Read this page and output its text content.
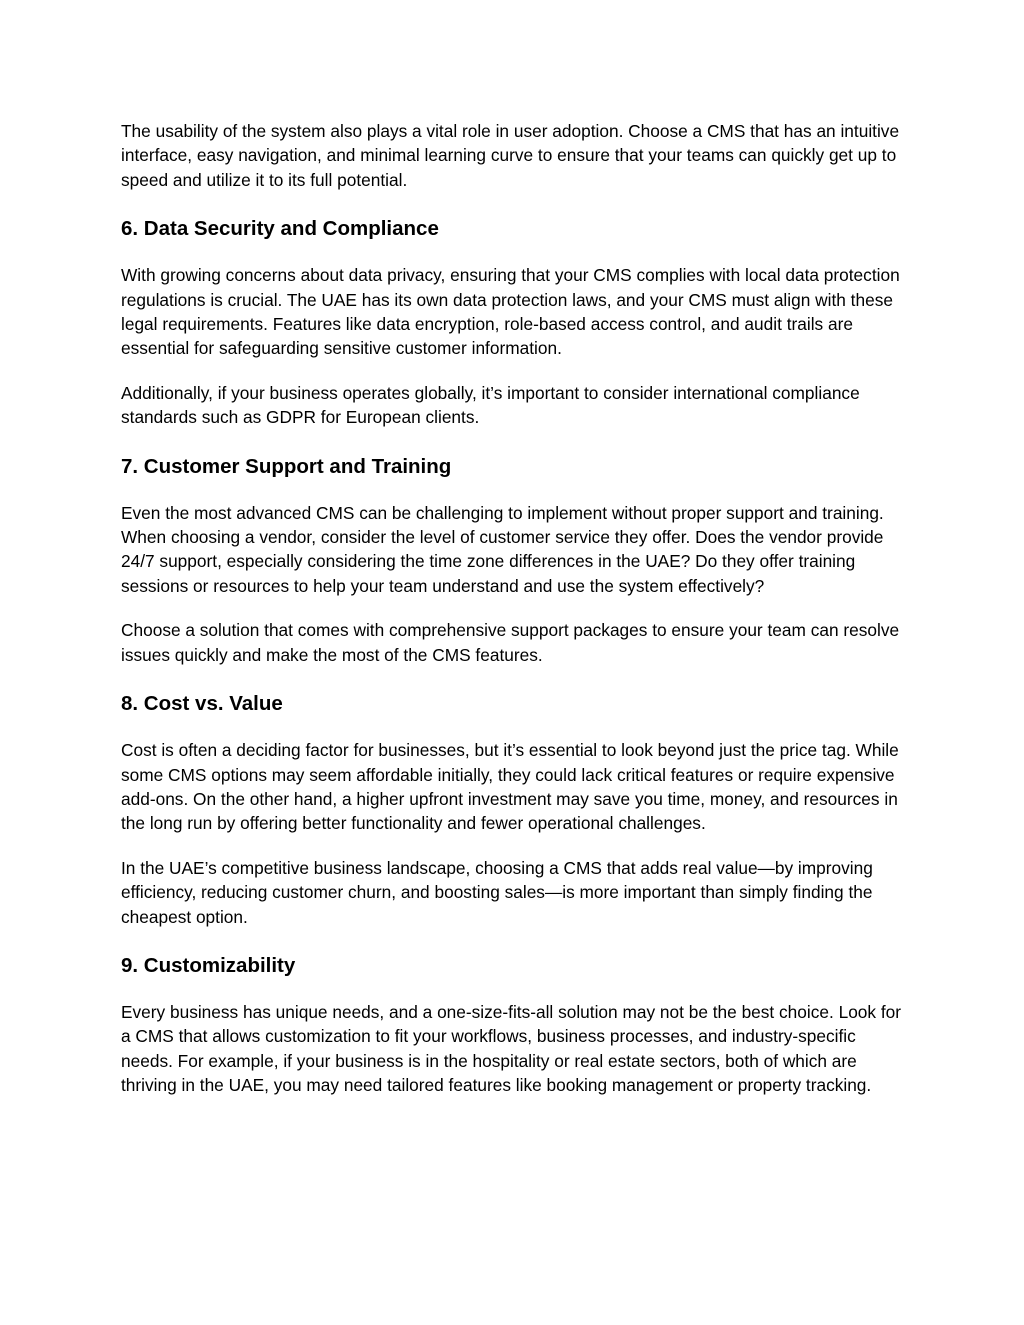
The usability of the system also plays a vital role in user adoption. Choose a CMS that has an intuitive interface, easy navigation, and minimal learning curve to ensure that your teams can quickly get up to speed and utilize it to its full potential.

6. Data Security and Compliance

With growing concerns about data privacy, ensuring that your CMS complies with local data protection regulations is crucial. The UAE has its own data protection laws, and your CMS must align with these legal requirements. Features like data encryption, role-based access control, and audit trails are essential for safeguarding sensitive customer information.

Additionally, if your business operates globally, it’s important to consider international compliance standards such as GDPR for European clients.

7. Customer Support and Training

Even the most advanced CMS can be challenging to implement without proper support and training. When choosing a vendor, consider the level of customer service they offer. Does the vendor provide 24/7 support, especially considering the time zone differences in the UAE? Do they offer training sessions or resources to help your team understand and use the system effectively?

Choose a solution that comes with comprehensive support packages to ensure your team can resolve issues quickly and make the most of the CMS features.

8. Cost vs. Value

Cost is often a deciding factor for businesses, but it’s essential to look beyond just the price tag. While some CMS options may seem affordable initially, they could lack critical features or require expensive add-ons. On the other hand, a higher upfront investment may save you time, money, and resources in the long run by offering better functionality and fewer operational challenges.

In the UAE’s competitive business landscape, choosing a CMS that adds real value—by improving efficiency, reducing customer churn, and boosting sales—is more important than simply finding the cheapest option.

9. Customizability

Every business has unique needs, and a one-size-fits-all solution may not be the best choice. Look for a CMS that allows customization to fit your workflows, business processes, and industry-specific needs. For example, if your business is in the hospitality or real estate sectors, both of which are thriving in the UAE, you may need tailored features like booking management or property tracking.
